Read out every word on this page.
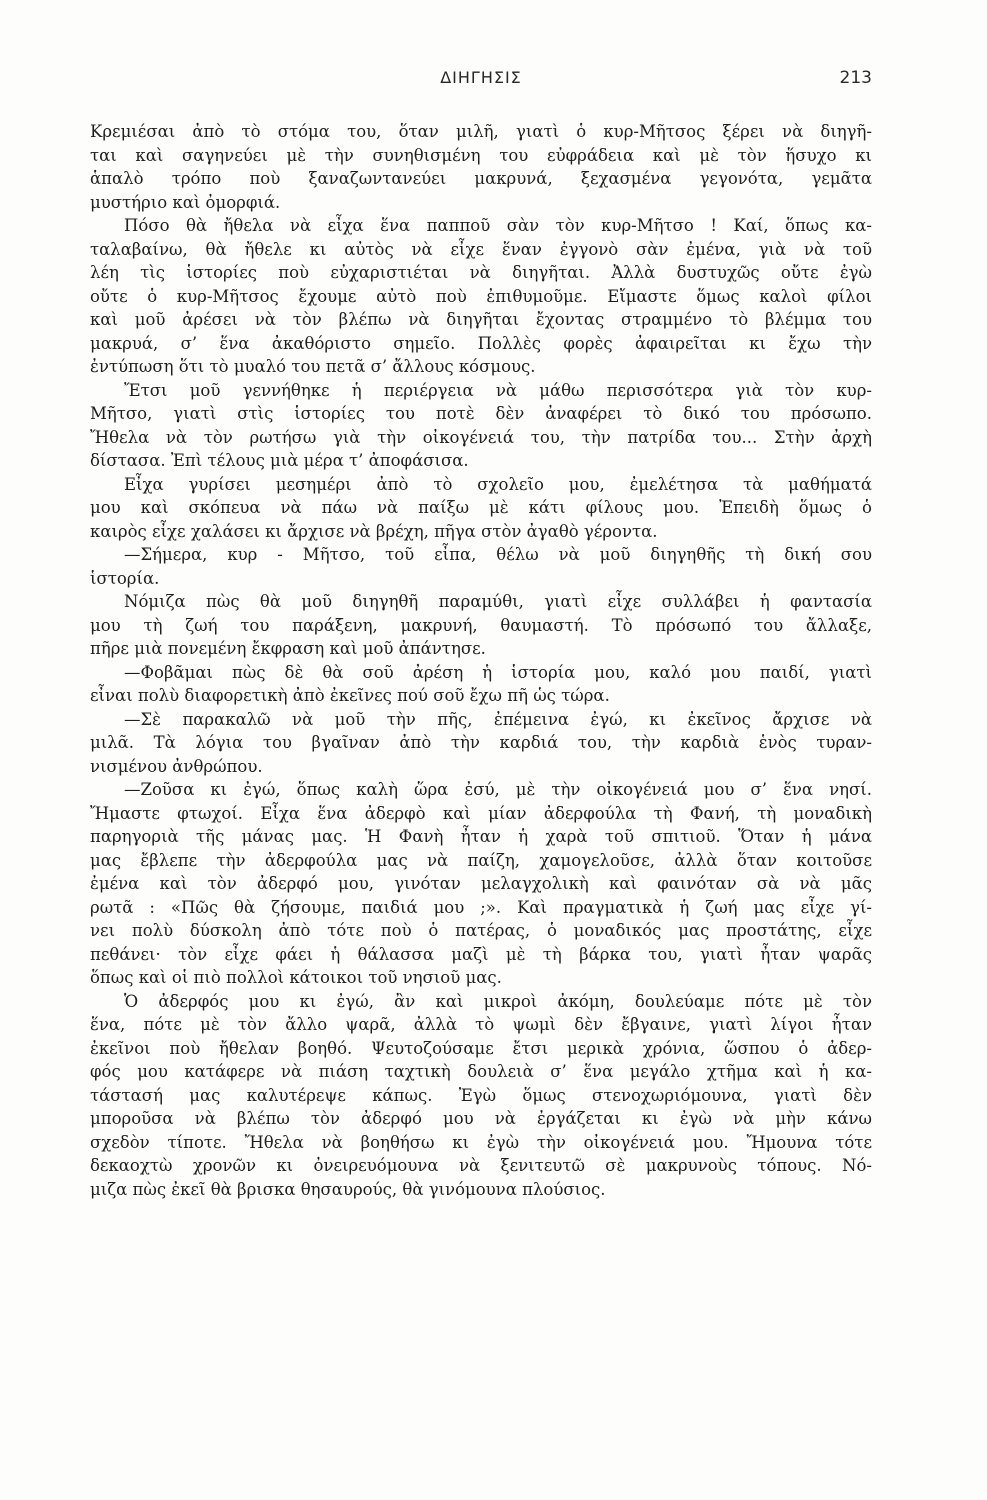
ΔΙΗΓΗΣΙΣ	213
Κρεμιέσαι ἀπὸ τὸ στόμα του, ὅταν μιλῆ, γιατὶ ὁ κυρ-Μῆτσος ξέρει νὰ διηγῆ-
ται καὶ σαγηνεύει μὲ τὴν συνηθισμένη του εὐφράδεια καὶ μὲ τὸν ἥσυχο κι
ἁπαλὸ τρόπο ποὺ ξαναζωντανεύει μακρυνά, ξεχασμένα γεγονότα, γεμᾶτα
μυστήριο καὶ ὀμορφιά.
Πόσο θὰ ἤθελα νὰ εἶχα ἕνα παπποῦ σὰν τὸν κυρ-Μῆτσο ! Καί, ὅπως κα-
ταλαβαίνω, θὰ ἤθελε κι αὐτὸς νὰ εἶχε ἕναν ἐγγονὸ σὰν ἐμένα, γιὰ νὰ τοῦ
λέη τὶς ἱστορίες ποὺ εὐχαριστιέται νὰ διηγῆται. Ἀλλὰ δυστυχῶς οὔτε ἐγὼ
οὔτε ὁ κυρ-Μῆτσος ἔχουμε αὐτὸ ποὺ ἐπιθυμοῦμε. Εἴμαστε ὅμως καλοὶ φίλοι
καὶ μοῦ ἀρέσει νὰ τὸν βλέπω νὰ διηγῆται ἔχοντας στραμμένο τὸ βλέμμα του
μακρυά, σ’ ἕνα ἀκαθόριστο σημεῖο. Πολλὲς φορὲς ἀφαιρεῖται κι ἔχω τὴν
ἐντύπωση ὅτι τὸ μυαλό του πετᾶ σ’ ἄλλους κόσμους.
Ἔτσι μοῦ γεννήθηκε ἡ περιέργεια νὰ μάθω περισσότερα γιὰ τὸν κυρ-
Μῆτσο, γιατὶ στὶς ἱστορίες του ποτὲ δὲν ἀναφέρει τὸ δικό του πρόσωπο.
Ἤθελα νὰ τὸν ρωτήσω γιὰ τὴν οἰκογένειά του, τὴν πατρίδα του... Στὴν ἀρχὴ
δίστασα. Ἐπὶ τέλους μιὰ μέρα τ’ ἀποφάσισα.
Εἶχα γυρίσει μεσημέρι ἀπὸ τὸ σχολεῖο μου, ἐμελέτησα τὰ μαθήματά
μου καὶ σκόπευα νὰ πάω νὰ παίξω μὲ κάτι φίλους μου. Ἐπειδὴ ὅμως ὁ
καιρὸς εἶχε χαλάσει κι ἄρχισε νὰ βρέχη, πῆγα στὸν ἀγαθὸ γέροντα.
—Σήμερα, κυρ - Μῆτσο, τοῦ εἶπα, θέλω νὰ μοῦ διηγηθῆς τὴ δική σου
ἱστορία.
Νόμιζα πὼς θὰ μοῦ διηγηθῆ παραμύθι, γιατὶ εἶχε συλλάβει ἡ φαντασία
μου τὴ ζωή του παράξενη, μακρυνή, θαυμαστή. Τὸ πρόσωπό του ἄλλαξε,
πῆρε μιὰ πονεμένη ἔκφραση καὶ μοῦ ἀπάντησε.
—Φοβᾶμαι πὼς δὲ θὰ σοῦ ἀρέση ἡ ἱστορία μου, καλό μου παιδί, γιατὶ
εἶναι πολὺ διαφορετικὴ ἀπὸ ἐκεῖνες πού σοῦ ἔχω πῆ ὡς τώρα.
—Σὲ παρακαλῶ νὰ μοῦ τὴν πῆς, ἐπέμεινα ἐγώ, κι ἐκεῖνος ἄρχισε νὰ
μιλᾶ. Τὰ λόγια του βγαῖναν ἀπὸ τὴν καρδιά του, τὴν καρδιὰ ἑνὸς τυραν-
νισμένου ἀνθρώπου.
—Ζοῦσα κι ἐγώ, ὅπως καλὴ ὥρα ἐσύ, μὲ τὴν οἰκογένειά μου σ’ ἕνα νησί.
Ἤμαστε φτωχοί. Εἶχα ἕνα ἀδερφὸ καὶ μίαν ἀδερφούλα τὴ Φανή, τὴ μοναδικὴ
παρηγοριὰ τῆς μάνας μας. Ἡ Φανὴ ἦταν ἡ χαρὰ τοῦ σπιτιοῦ. Ὅταν ἡ μάνα
μας ἔβλεπε τὴν ἀδερφούλα μας νὰ παίζη, χαμογελοῦσε, ἀλλὰ ὅταν κοιτοῦσε
ἐμένα καὶ τὸν ἀδερφό μου, γινόταν μελαγχολικὴ καὶ φαινόταν σὰ νὰ μᾶς
ρωτᾶ : «Πῶς θὰ ζήσουμε, παιδιά μου ;». Καὶ πραγματικὰ ἡ ζωή μας εἶχε γί-
νει πολὺ δύσκολη ἀπὸ τότε ποὺ ὁ πατέρας, ὁ μοναδικός μας προστάτης, εἶχε
πεθάνει· τὸν εἶχε φάει ἡ θάλασσα μαζὶ μὲ τὴ βάρκα του, γιατὶ ἦταν ψαρᾶς
ὅπως καὶ οἱ πιὸ πολλοὶ κάτοικοι τοῦ νησιοῦ μας.
Ὁ ἀδερφός μου κι ἐγώ, ἂν καὶ μικροὶ ἀκόμη, δουλεύαμε πότε μὲ τὸν
ἕνα, πότε μὲ τὸν ἄλλο ψαρᾶ, ἀλλὰ τὸ ψωμὶ δὲν ἔβγαινε, γιατὶ λίγοι ἦταν
ἐκεῖνοι ποὺ ἤθελαν βοηθό. Ψευτοζούσαμε ἔτσι μερικὰ χρόνια, ὥσπου ὁ ἀδερ-
φός μου κατάφερε νὰ πιάση ταχτικὴ δουλειὰ σ’ ἕνα μεγάλο χτῆμα καὶ ἡ κα-
τάστασή μας καλυτέρεψε κάπως. Ἐγὼ ὅμως στενοχωριόμουνα, γιατὶ δὲν
μποροῦσα νὰ βλέπω τὸν ἀδερφό μου νὰ ἐργάζεται κι ἐγὼ νὰ μὴν κάνω
σχεδὸν τίποτε. Ἤθελα νὰ βοηθήσω κι ἐγὼ τὴν οἰκογένειά μου. Ἤμουνα τότε
δεκαοχτὼ χρονῶν κι ὀνειρευόμουνα νὰ ξενιτευτῶ σὲ μακρυνοὺς τόπους. Νό-
μιζα πὼς ἐκεῖ θὰ βρισκα θησαυρούς, θὰ γινόμουνα πλούσιος.
